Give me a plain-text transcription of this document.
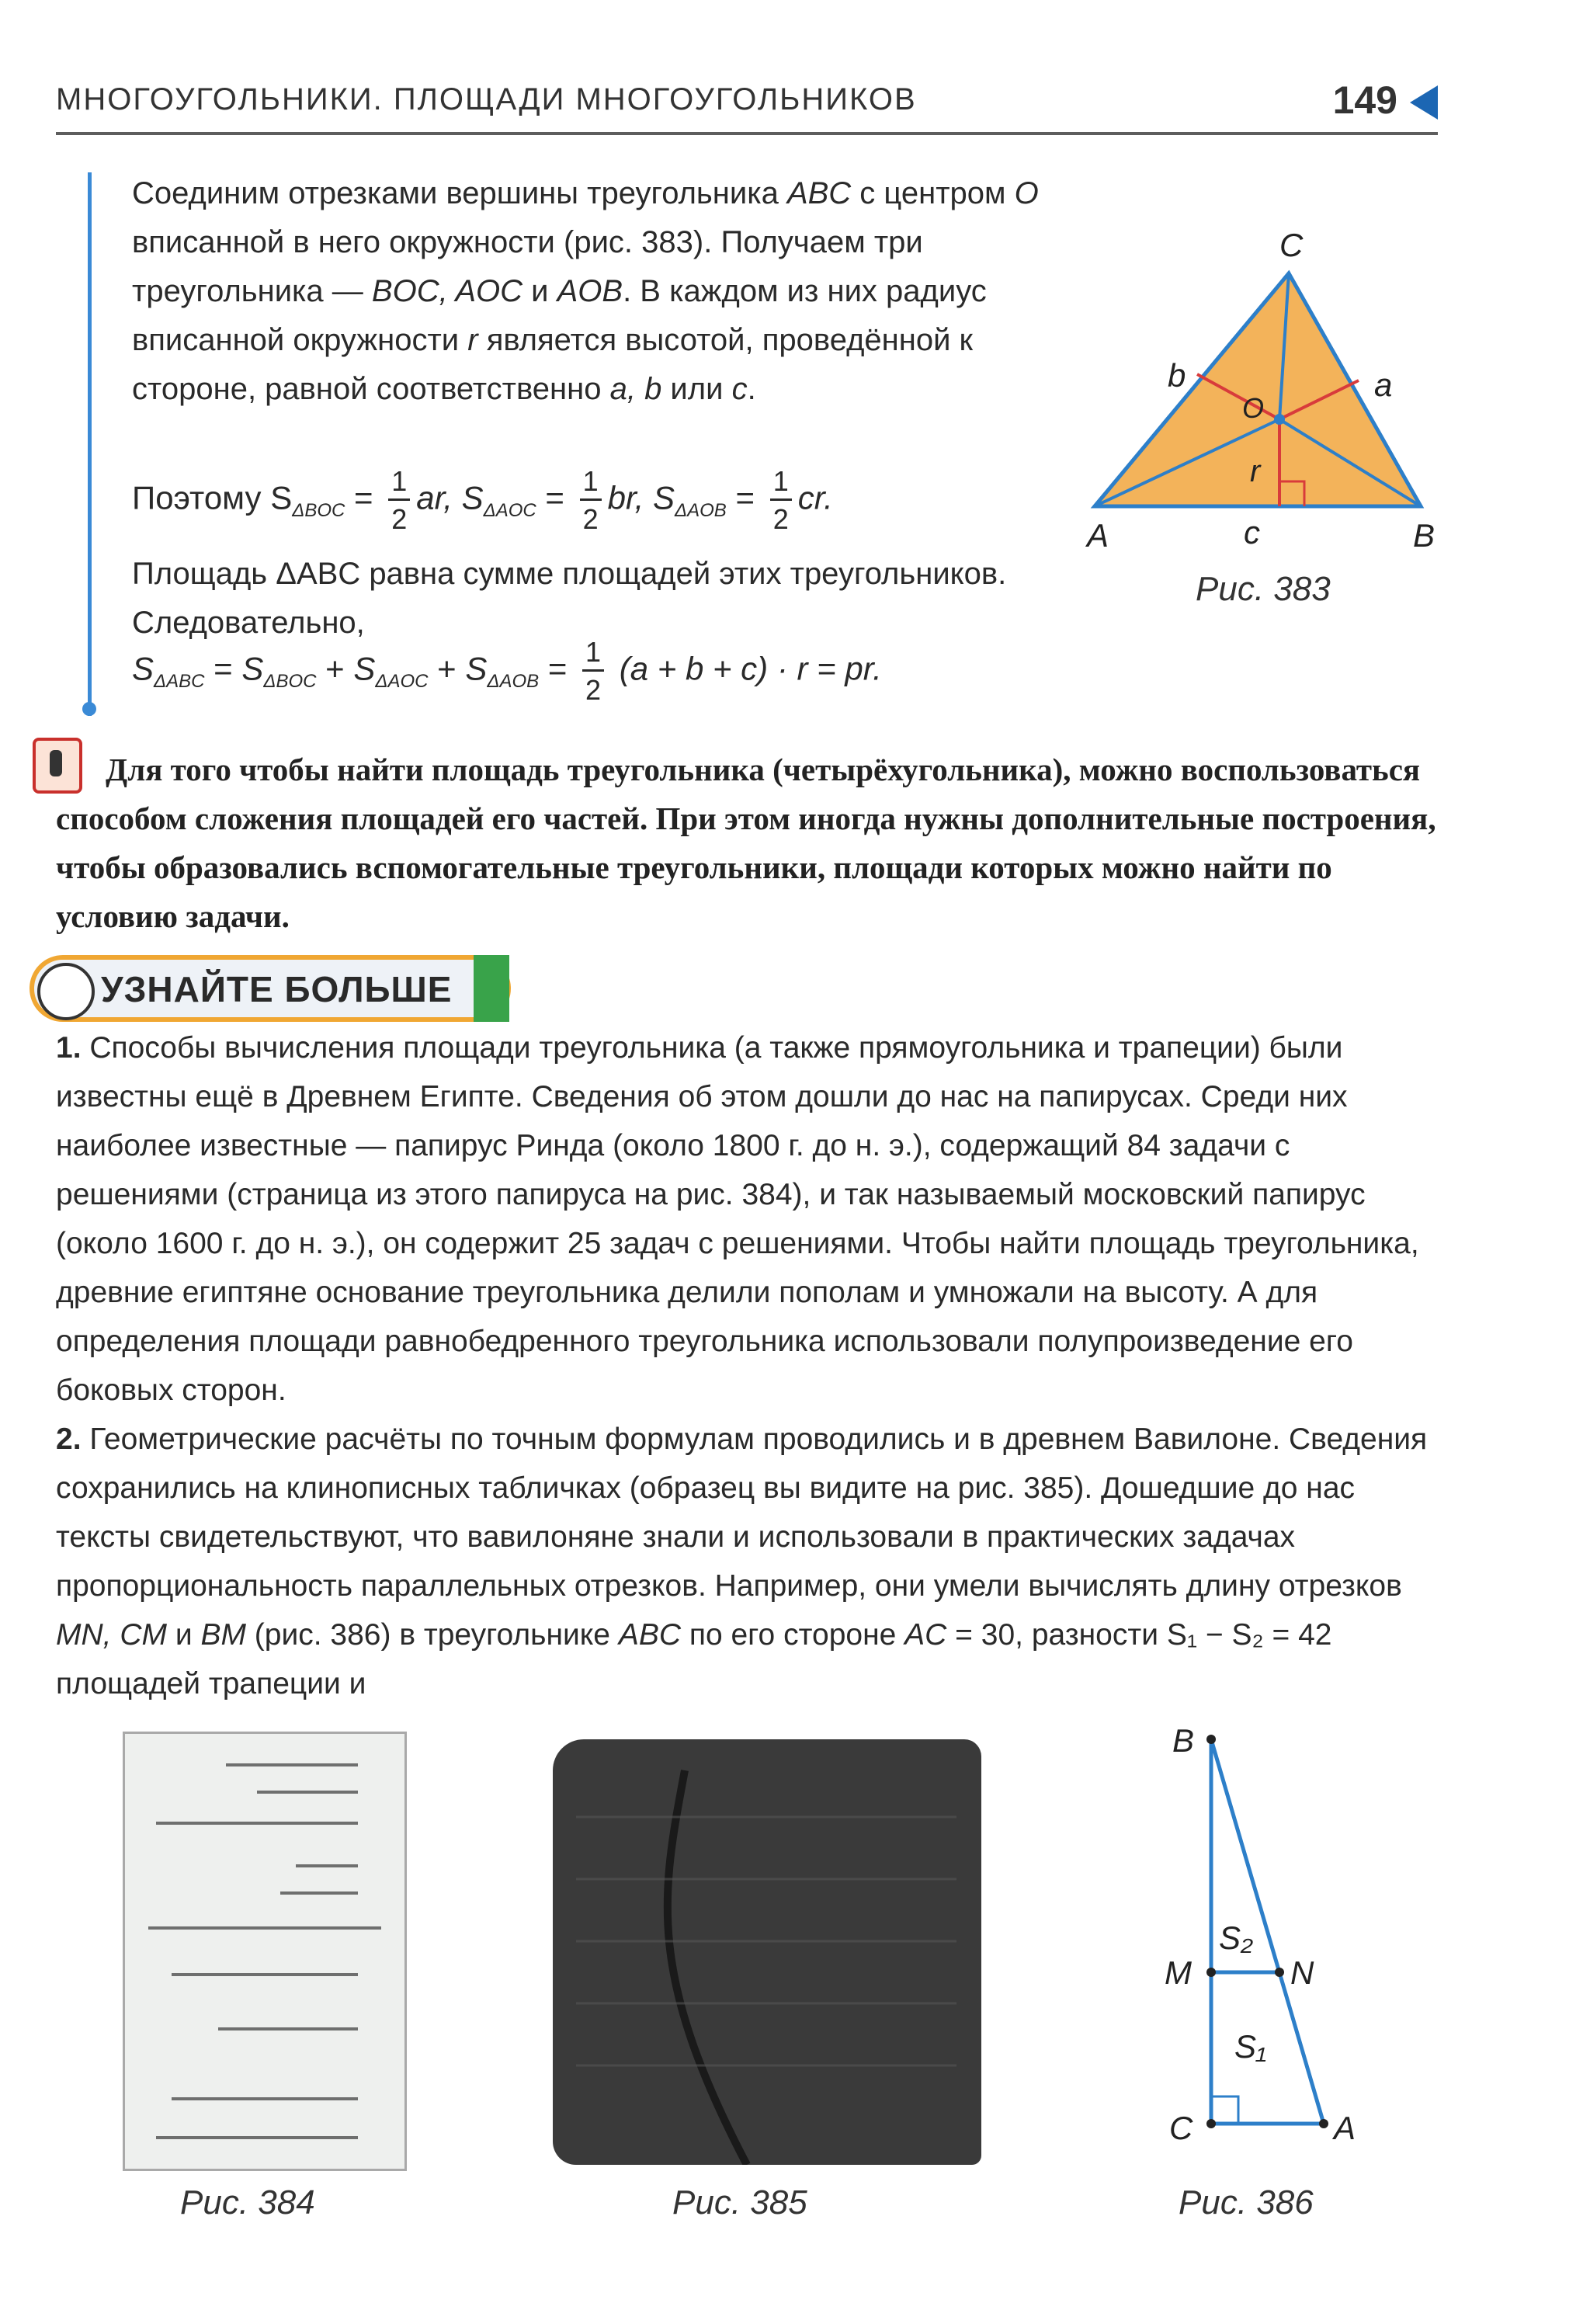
МНОГОУГОЛЬНИКИ. ПЛОЩАДИ МНОГОУГОЛЬНИКОВ	149

Соединим отрезками вершины треугольника ABC с центром O вписанной в него окружности (рис. 383). Получаем три треугольника — BOC, AOC и AOB. В каждом из них радиус вписанной окружности r является высотой, проведённой к стороне, равной соответственно a, b или c.

Поэтому $S_{\Delta BOC} = \frac{1}{2}$ ar, $S_{\Delta AOC} = \frac{1}{2}$ br, $S_{\Delta AOB} = \frac{1}{2}$ cr.

Площадь ΔABC равна сумме площадей этих треугольников. Следовательно,

$S_{\Delta ABC} = S_{\Delta BOC} + S_{\Delta AOC} + S_{\Delta AOB} = \frac{1}{2} (a + b + c) \cdot r$ = pr.
C
A	B
a
b
c
O
r
Рис. 383
Для того чтобы найти площадь треугольника (четырёхугольника), можно воспользоваться способом сложения площадей его частей. При этом иногда нужны дополнительные построения, чтобы образовались вспомогательные треугольники, площади которых можно найти по условию задачи.
УЗНАЙТЕ БОЛЬШЕ

1. Способы вычисления площади треугольника (а также прямоугольника и трапеции) были известны ещё в Древнем Египте. Сведения об этом дошли до нас на папирусах. Среди них наиболее известные — папирус Ринда (около 1800 г. до н. э.), содержащий 84 задачи с решениями (страница из этого папируса на рис. 384), и так называемый московский папирус (около 1600 г. до н. э.), он содержит 25 задач с решениями. Чтобы найти площадь треугольника, древние египтяне основание треугольника делили пополам и умножали на высоту. А для определения площади равнобедренного треугольника использовали полупроизведение его боковых сторон.

2. Геометрические расчёты по точным формулам проводились и в древнем Вавилоне. Сведения сохранились на клинописных табличках (образец вы видите на рис. 385). Дошедшие до нас тексты свидетельствуют, что вавилоняне знали и использовали в практических задачах пропорциональность параллельных отрезков. Например, они умели вычислять длину отрезков MN, CM и BM (рис. 386) в треугольнике ABC по его стороне AC = 30, разности S₁ − S₂ = 42 площадей трапеции и

Рис. 384	Рис. 385
B
M	N
C	A
S₂
S₁
Рис. 386
